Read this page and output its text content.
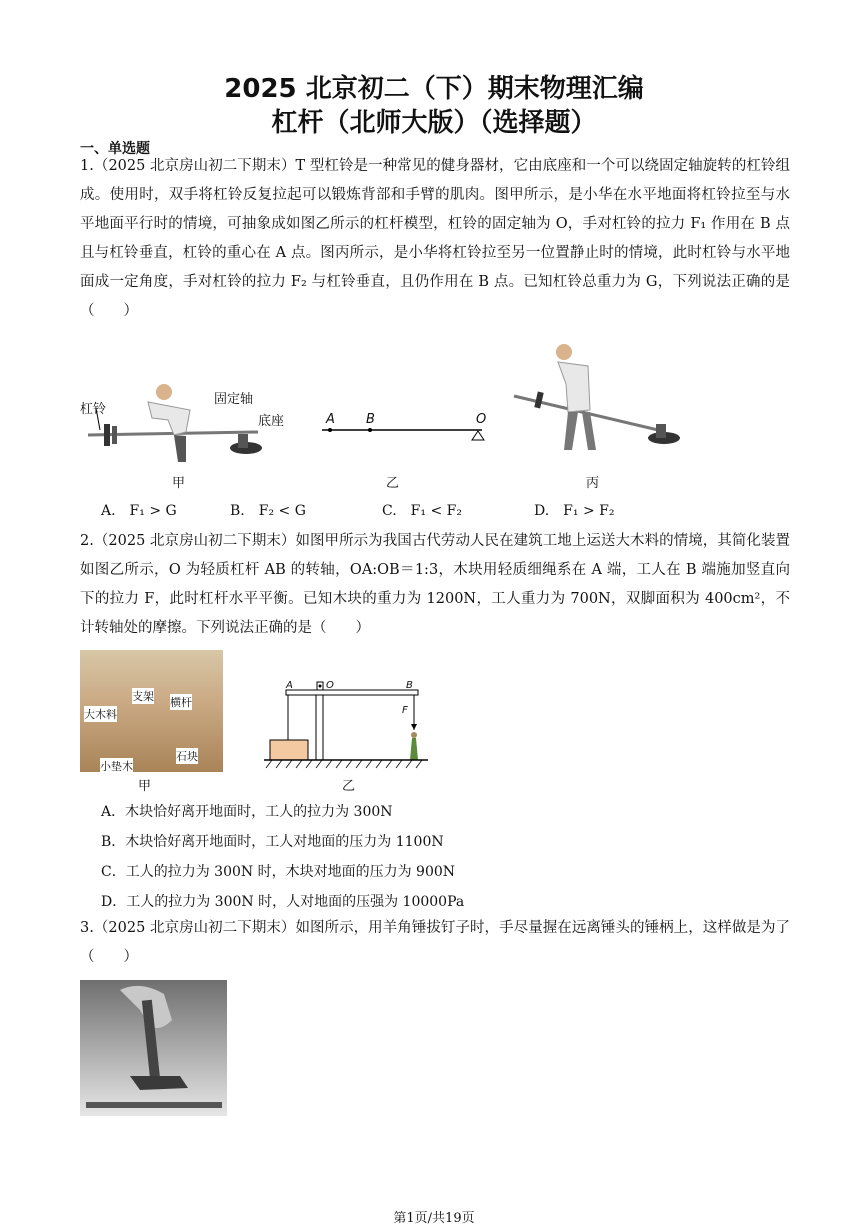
2025 北京初二（下）期末物理汇编
杠杆（北师大版）（选择题）
一、单选题
1.（2025 北京房山初二下期末）T 型杠铃是一种常见的健身器材，它由底座和一个可以绕固定轴旋转的杠铃组成。使用时，双手将杠铃反复拉起可以锻炼背部和手臂的肌肉。图甲所示，是小华在水平地面将杠铃拉至与水平地面平行时的情境，可抽象成如图乙所示的杠杆模型，杠铃的固定轴为 O，手对杠铃的拉力 F₁ 作用在 B 点且与杠铃垂直，杠铃的重心在 A 点。图丙所示，是小华将杠铃拉至另一位置静止时的情境，此时杠铃与水平地面成一定角度，手对杠铃的拉力 F₂ 与杠铃垂直，且仍作用在 B 点。已知杠铃总重力为 G，下列说法正确的是（　　）
杠铃
固定轴
底座	A B	O
甲	乙	丙
A.　F₁ > G	B.　F₂ < G	C.　F₁ < F₂	D.　F₁ > F₂
2.（2025 北京房山初二下期末）如图甲所示为我国古代劳动人民在建筑工地上运送大木料的情境，其简化装置如图乙所示，O 为轻质杠杆 AB 的转轴，OA:OB＝1:3，木块用轻质细绳系在 A 端，工人在 B 端施加竖直向下的拉力 F，此时杠杆水平平衡。已知木块的重力为 1200N，工人重力为 700N，双脚面积为 400cm²，不计转轴处的摩擦。下列说法正确的是（　　）
支架 横杆
大木料
小垫木
石块
甲
A	O	B
F
乙
A．木块恰好离开地面时，工人的拉力为 300N
B．木块恰好离开地面时，工人对地面的压力为 1100N
C．工人的拉力为 300N 时，木块对地面的压力为 900N
D．工人的拉力为 300N 时，人对地面的压强为 10000Pa
3.（2025 北京房山初二下期末）如图所示，用羊角锤拔钉子时，手尽量握在远离锤头的锤柄上，这样做是为了（　　）
第1页/共19页
